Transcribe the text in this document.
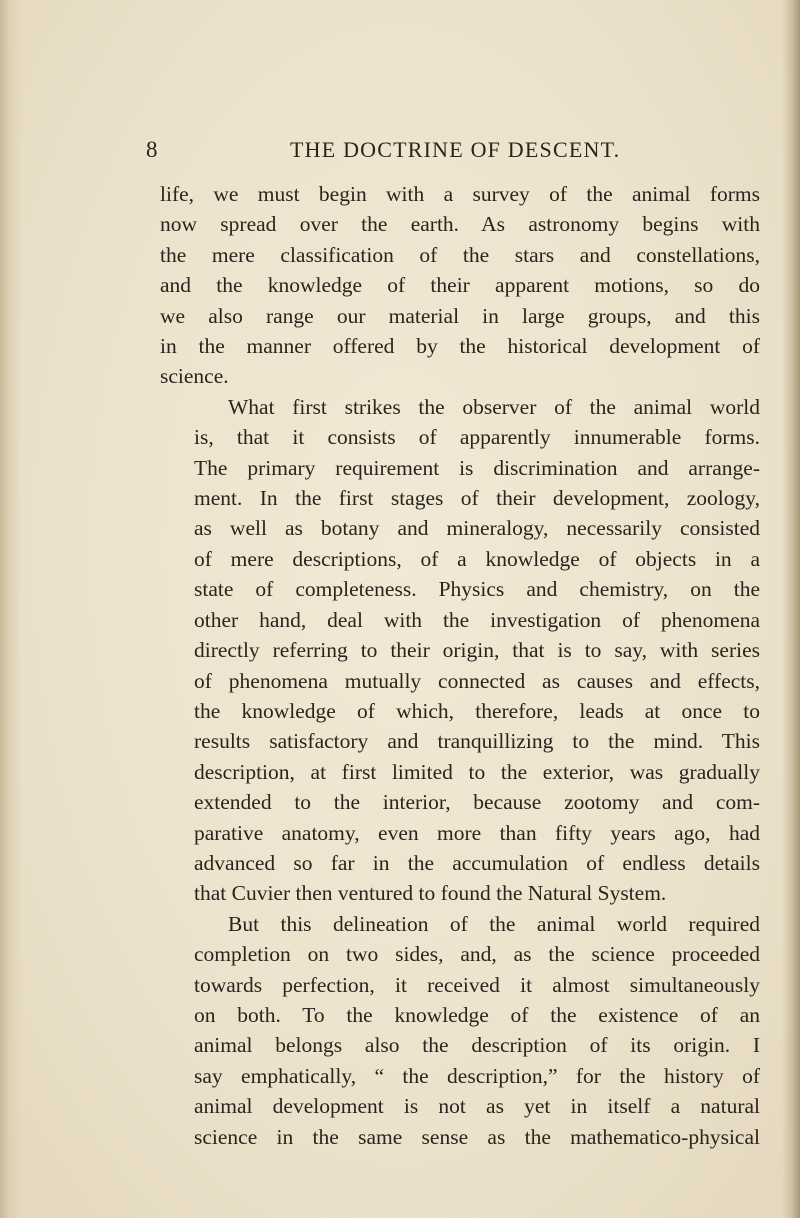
8	THE DOCTRINE OF DESCENT.

life, we must begin with a survey of the animal forms
now spread over the earth. As astronomy begins with
the mere classification of the stars and constellations,
and the knowledge of their apparent motions, so do
we also range our material in large groups, and this
in the manner offered by the historical development of
science.

What first strikes the observer of the animal world
is, that it consists of apparently innumerable forms.
The primary requirement is discrimination and arrange-
ment. In the first stages of their development, zoology,
as well as botany and mineralogy, necessarily consisted
of mere descriptions, of a knowledge of objects in a
state of completeness. Physics and chemistry, on the
other hand, deal with the investigation of phenomena
directly referring to their origin, that is to say, with series
of phenomena mutually connected as causes and effects,
the knowledge of which, therefore, leads at once to
results satisfactory and tranquillizing to the mind. This
description, at first limited to the exterior, was gradually
extended to the interior, because zootomy and com-
parative anatomy, even more than fifty years ago, had
advanced so far in the accumulation of endless details
that Cuvier then ventured to found the Natural System.

But this delineation of the animal world required
completion on two sides, and, as the science proceeded
towards perfection, it received it almost simultaneously
on both. To the knowledge of the existence of an
animal belongs also the description of its origin. I
say emphatically, “ the description,” for the history of
animal development is not as yet in itself a natural
science in the same sense as the mathematico-physical
